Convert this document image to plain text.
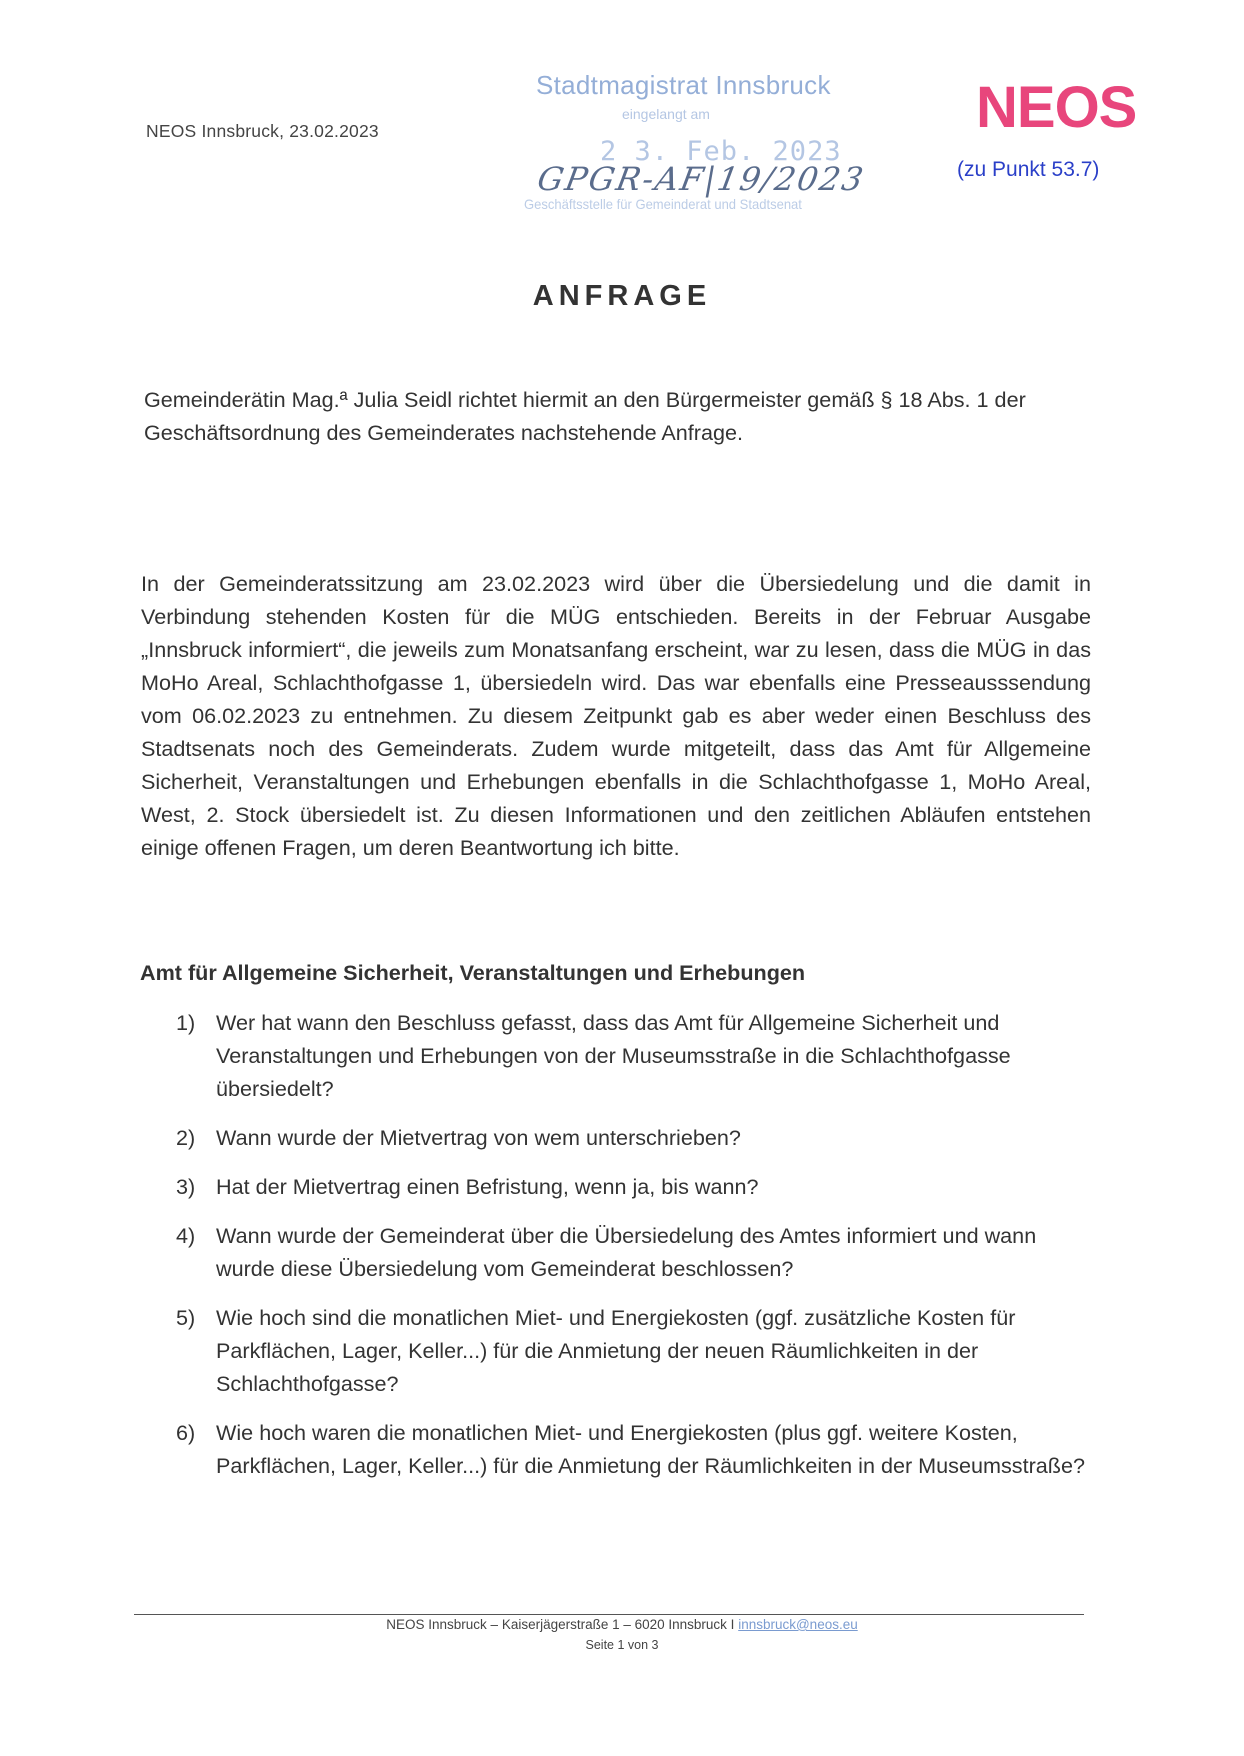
NEOS Innsbruck, 23.02.2023
Stadtmagistrat Innsbruck
eingelangt am
2 3. Feb. 2023
GPGR-AF|19/2023
Geschäftsstelle für Gemeinderat und Stadtsenat
NEOS
(zu Punkt 53.7)
ANFRAGE
Gemeinderätin Mag.ª Julia Seidl richtet hiermit an den Bürgermeister gemäß § 18 Abs. 1 der Geschäftsordnung des Gemeinderates nachstehende Anfrage.
In der Gemeinderatssitzung am 23.02.2023 wird über die Übersiedelung und die damit in Verbindung stehenden Kosten für die MÜG entschieden. Bereits in der Februar Ausgabe „Innsbruck informiert“, die jeweils zum Monatsanfang erscheint, war zu lesen, dass die MÜG in das MoHo Areal, Schlachthofgasse 1, übersiedeln wird. Das war ebenfalls eine Presseausssendung vom 06.02.2023 zu entnehmen. Zu diesem Zeitpunkt gab es aber weder einen Beschluss des Stadtsenats noch des Gemeinderats. Zudem wurde mitgeteilt, dass das Amt für Allgemeine Sicherheit, Veranstaltungen und Erhebungen ebenfalls in die Schlachthofgasse 1, MoHo Areal, West, 2. Stock übersiedelt ist. Zu diesen Informationen und den zeitlichen Abläufen entstehen einige offenen Fragen, um deren Beantwortung ich bitte.
Amt für Allgemeine Sicherheit, Veranstaltungen und Erhebungen
1) Wer hat wann den Beschluss gefasst, dass das Amt für Allgemeine Sicherheit und Veranstaltungen und Erhebungen von der Museumsstraße in die Schlachthofgasse übersiedelt?
2) Wann wurde der Mietvertrag von wem unterschrieben?
3) Hat der Mietvertrag einen Befristung, wenn ja, bis wann?
4) Wann wurde der Gemeinderat über die Übersiedelung des Amtes informiert und wann wurde diese Übersiedelung vom Gemeinderat beschlossen?
5) Wie hoch sind die monatlichen Miet- und Energiekosten (ggf. zusätzliche Kosten für Parkflächen, Lager, Keller...) für die Anmietung der neuen Räumlichkeiten in der Schlachthofgasse?
6) Wie hoch waren die monatlichen Miet- und Energiekosten (plus ggf. weitere Kosten, Parkflächen, Lager, Keller...) für die Anmietung der Räumlichkeiten in der Museumsstraße?
NEOS Innsbruck – Kaiserjägerstraße 1 – 6020 Innsbruck I innsbruck@neos.eu
Seite 1 von 3
